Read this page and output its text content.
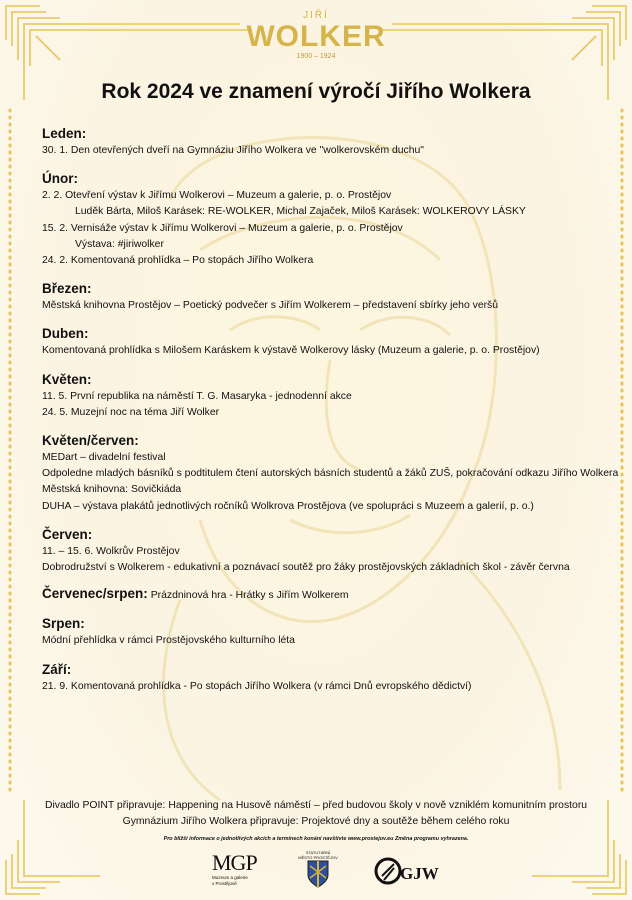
JIŘÍ
WOLKER
1900 – 1924
Rok 2024 ve znamení výročí Jiřího Wolkera
Leden:
30. 1. Den otevřených dveří na Gymnáziu Jiřího Wolkera ve "wolkerovském duchu"
Únor:
2. 2. Otevření výstav k Jiřímu Wolkerovi – Muzeum a galerie, p. o. Prostějov
Luděk Bárta, Miloš Karásek: RE-WOLKER, Michal Zajaček, Miloš Karásek: WOLKEROVY LÁSKY
15. 2. Vernisáže výstav k Jiřímu Wolkerovi – Muzeum a galerie, p. o. Prostějov
Výstava: #jiriwolker
24. 2. Komentovaná prohlídka – Po stopách Jiřího Wolkera
Březen:
Městská knihovna Prostějov – Poetický podvečer s Jiřím Wolkerem – představení sbírky jeho veršů
Duben:
Komentovaná prohlídka s Milošem Karáskem k výstavě Wolkerovy lásky (Muzeum a galerie, p. o. Prostějov)
Květen:
11. 5. První republika na náměstí T. G. Masaryka - jednodenní akce
24. 5. Muzejní noc na téma Jiří Wolker
Květen/červen:
MEDart – divadelní festival
Odpoledne mladých básníků s podtitulem čtení autorských básních studentů a žáků ZUŠ, pokračování odkazu Jiřího Wolkera
Městská knihovna: Sovičkiáda
DUHA – výstava plakátů jednotlivých ročníků Wolkrova Prostějova (ve spolupráci s Muzeem a galerií, p. o.)
Červen:
11. – 15. 6. Wolkrův Prostějov
Dobrodružství s Wolkerem - edukativní a poznávací soutěž pro žáky prostějovských základních škol - závěr června
Červenec/srpen: Prázdninová hra - Hrátky s Jiřím Wolkerem
Srpen:
Módní přehlídka v rámci Prostějovského kulturního léta
Září:
21. 9. Komentovaná prohlídka - Po stopách Jiřího Wolkera (v rámci Dnů evropského dědictví)
Divadlo POINT připravuje: Happening na Husově náměstí – před budovou školy v nově vzniklém komunitním prostoru
Gymnázium Jiřího Wolkera připravuje: Projektové dny a soutěže během celého roku
Pro bližší informace o jednotlivých akcích a termínech konání navštivte www.prostejov.eu Změna programu vyhrazena.
MGP
Muzeum a galerie
v Prostějově
STATUTÁRNÍ
MĚSTO PROSTĚJOV
GJW
